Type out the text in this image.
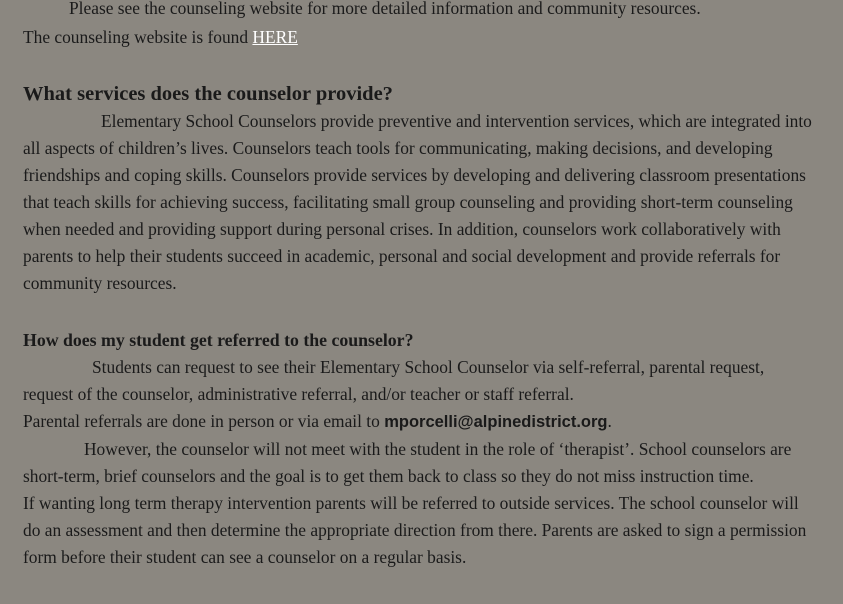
Please see the counseling website for more detailed information and community resources.

The counseling website is found HERE

What services does the counselor provide?

Elementary School Counselors provide preventive and intervention services, which are integrated into all aspects of children’s lives. Counselors teach tools for communicating, making decisions, and developing friendships and coping skills. Counselors provide services by developing and delivering classroom presentations that teach skills for achieving success, facilitating small group counseling and providing short-term counseling when needed and providing support during personal crises. In addition, counselors work collaboratively with parents to help their students succeed in academic, personal and social development and provide referrals for community resources.

How does my student get referred to the counselor?

Students can request to see their Elementary School Counselor via self-referral, parental request, request of the counselor, administrative referral, and/or teacher or staff referral.

Parental referrals are done in person or via email to mporcelli@alpinedistrict.org.

However, the counselor will not meet with the student in the role of ‘therapist’. School counselors are short-term, brief counselors and the goal is to get them back to class so they do not miss instruction time.

If wanting long term therapy intervention parents will be referred to outside services. The school counselor will do an assessment and then determine the appropriate direction from there. Parents are asked to sign a permission form before their student can see a counselor on a regular basis.
